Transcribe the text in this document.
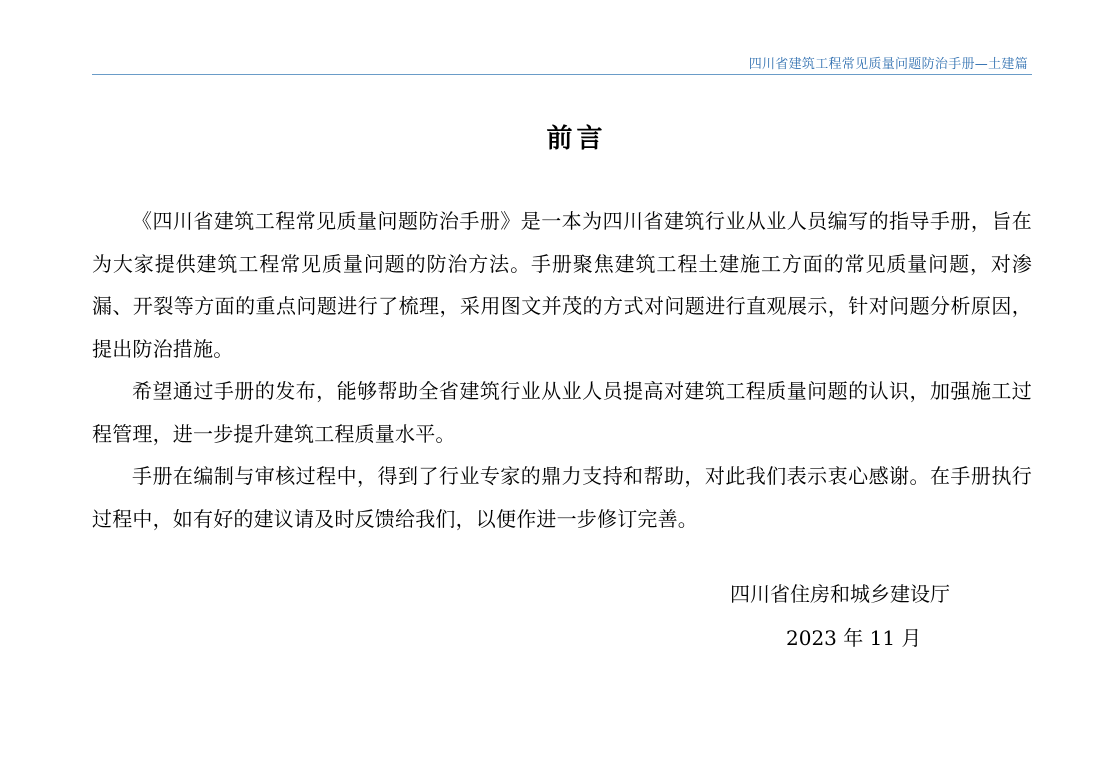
四川省建筑工程常见质量问题防治手册—土建篇
前言

《四川省建筑工程常见质量问题防治手册》是一本为四川省建筑行业从业人员编写的指导手册，旨在为大家提供建筑工程常见质量问题的防治方法。手册聚焦建筑工程土建施工方面的常见质量问题，对渗漏、开裂等方面的重点问题进行了梳理，采用图文并茂的方式对问题进行直观展示，针对问题分析原因，提出防治措施。

希望通过手册的发布，能够帮助全省建筑行业从业人员提高对建筑工程质量问题的认识，加强施工过程管理，进一步提升建筑工程质量水平。

手册在编制与审核过程中，得到了行业专家的鼎力支持和帮助，对此我们表示衷心感谢。在手册执行过程中，如有好的建议请及时反馈给我们，以便作进一步修订完善。

四川省住房和城乡建设厅
2023 年 11 月
